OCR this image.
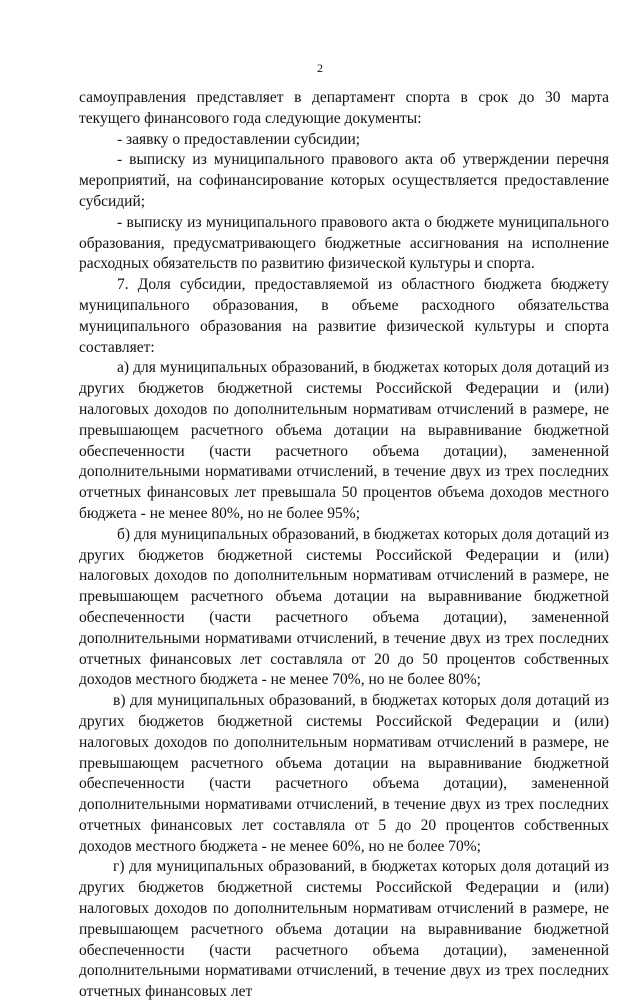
2

самоуправления представляет в департамент спорта в срок до 30 марта текущего финансового года следующие документы:

- заявку о предоставлении субсидии;

- выписку из муниципального правового акта об утверждении перечня мероприятий, на софинансирование которых осуществляется предоставление субсидий;

- выписку из муниципального правового акта о бюджете муниципального образования, предусматривающего бюджетные ассигнования на исполнение расходных обязательств по развитию физической культуры и спорта.

7. Доля субсидии, предоставляемой из областного бюджета бюджету муниципального образования, в объеме расходного обязательства муниципального образования на развитие физической культуры и спорта составляет:

а) для муниципальных образований, в бюджетах которых доля дотаций из других бюджетов бюджетной системы Российской Федерации и (или) налоговых доходов по дополнительным нормативам отчислений в размере, не превышающем расчетного объема дотации на выравнивание бюджетной обеспеченности (части расчетного объема дотации), замененной дополнительными нормативами отчислений, в течение двух из трех последних отчетных финансовых лет превышала 50 процентов объема доходов местного бюджета - не менее 80%, но не более 95%;

б) для муниципальных образований, в бюджетах которых доля дотаций из других бюджетов бюджетной системы Российской Федерации и (или) налоговых доходов по дополнительным нормативам отчислений в размере, не превышающем расчетного объема дотации на выравнивание бюджетной обеспеченности (части расчетного объема дотации), замененной дополнительными нормативами отчислений, в течение двух из трех последних отчетных финансовых лет составляла от 20 до 50 процентов собственных доходов местного бюджета - не менее 70%, но не более 80%;

в) для муниципальных образований, в бюджетах которых доля дотаций из других бюджетов бюджетной системы Российской Федерации и (или) налоговых доходов по дополнительным нормативам отчислений в размере, не превышающем расчетного объема дотации на выравнивание бюджетной обеспеченности (части расчетного объема дотации), замененной дополнительными нормативами отчислений, в течение двух из трех последних отчетных финансовых лет составляла от 5 до 20 процентов собственных доходов местного бюджета - не менее 60%, но не более 70%;

г) для муниципальных образований, в бюджетах которых доля дотаций из других бюджетов бюджетной системы Российской Федерации и (или) налоговых доходов по дополнительным нормативам отчислений в размере, не превышающем расчетного объема дотации на выравнивание бюджетной обеспеченности (части расчетного объема дотации), замененной дополнительными нормативами отчислений, в течение двух из трех последних отчетных финансовых лет
